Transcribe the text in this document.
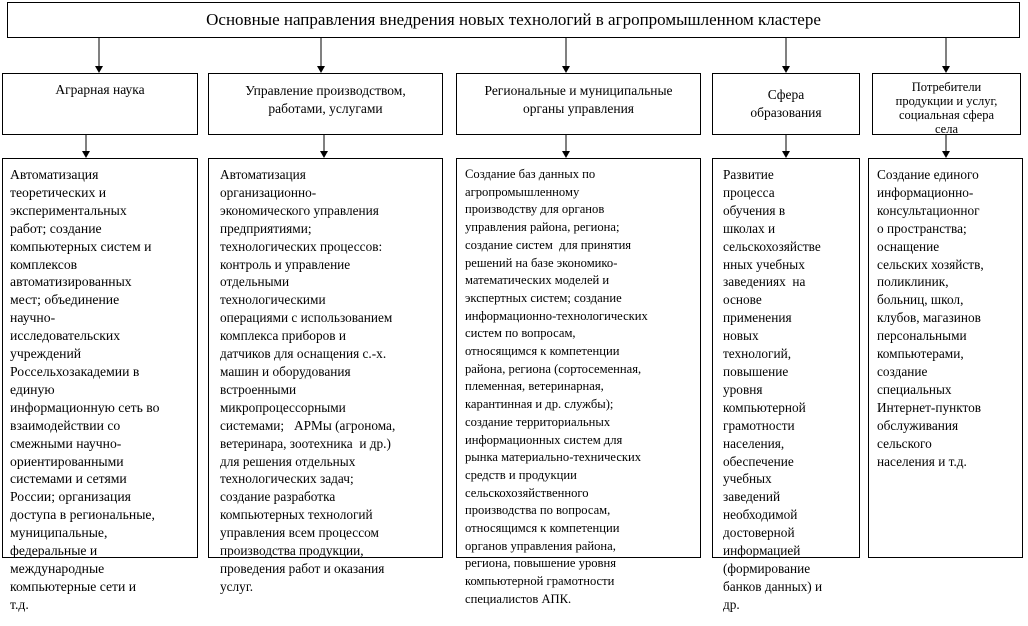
Основные направления внедрения новых технологий в агропромышленном кластере
Аграрная наука	Управление производством,
работами, услугами
Региональные и муниципальные
органы управления
Сфера
образования
Потребители
продукции и услуг,
социальная сфера
села
Автоматизация
теоретических и
экспериментальных
работ; создание
компьютерных систем и
комплексов
автоматизированных
мест; объединение
научно-
исследовательских
учреждений
Россельхозакадемии в
единую
информационную сеть во
взаимодействии со
смежными научно-
ориентированными
системами и сетями
России; организация
доступа в региональные,
муниципальные,
федеральные и
международные
компьютерные сети и
т.д.
Автоматизация
организационно-
экономического управления
предприятиями;
технологических процессов:
контроль и управление
отдельными
технологическими
операциями с использованием
комплекса приборов и
датчиков для оснащения с.-х.
машин и оборудования
встроенными
микропроцессорными
системами;   АРМы (агронома,
ветеринара, зоотехника  и др.)
для решения отдельных
технологических задач;
создание разработка
компьютерных технологий
управления всем процессом
производства продукции,
проведения работ и оказания
услуг.
Создание баз данных по
агропромышленному
производству для органов
управления района, региона;
создание систем  для принятия
решений на базе экономико-
математических моделей и
экспертных систем; создание
информационно-технологических
систем по вопросам,
относящимся к компетенции
района, региона (сортосеменная,
племенная, ветеринарная,
карантинная и др. службы);
создание территориальных
информационных систем для
рынка материально-технических
средств и продукции
сельскохозяйственного
производства по вопросам,
относящимся к компетенции
органов управления района,
региона, повышение уровня
компьютерной грамотности
специалистов АПК.
Развитие
процесса
обучения в
школах и
сельскохозяйстве
нных учебных
заведениях  на
основе
применения
новых
технологий,
повышение
уровня
компьютерной
грамотности
населения,
обеспечение
учебных
заведений
необходимой
достоверной
информацией
(формирование
банков данных) и
др.
Создание единого
информационно-
консультационног
о пространства;
оснащение
сельских хозяйств,
поликлиник,
больниц, школ,
клубов, магазинов
персональными
компьютерами,
создание
специальных
Интернет-пунктов
обслуживания
сельского
населения и т.д.
